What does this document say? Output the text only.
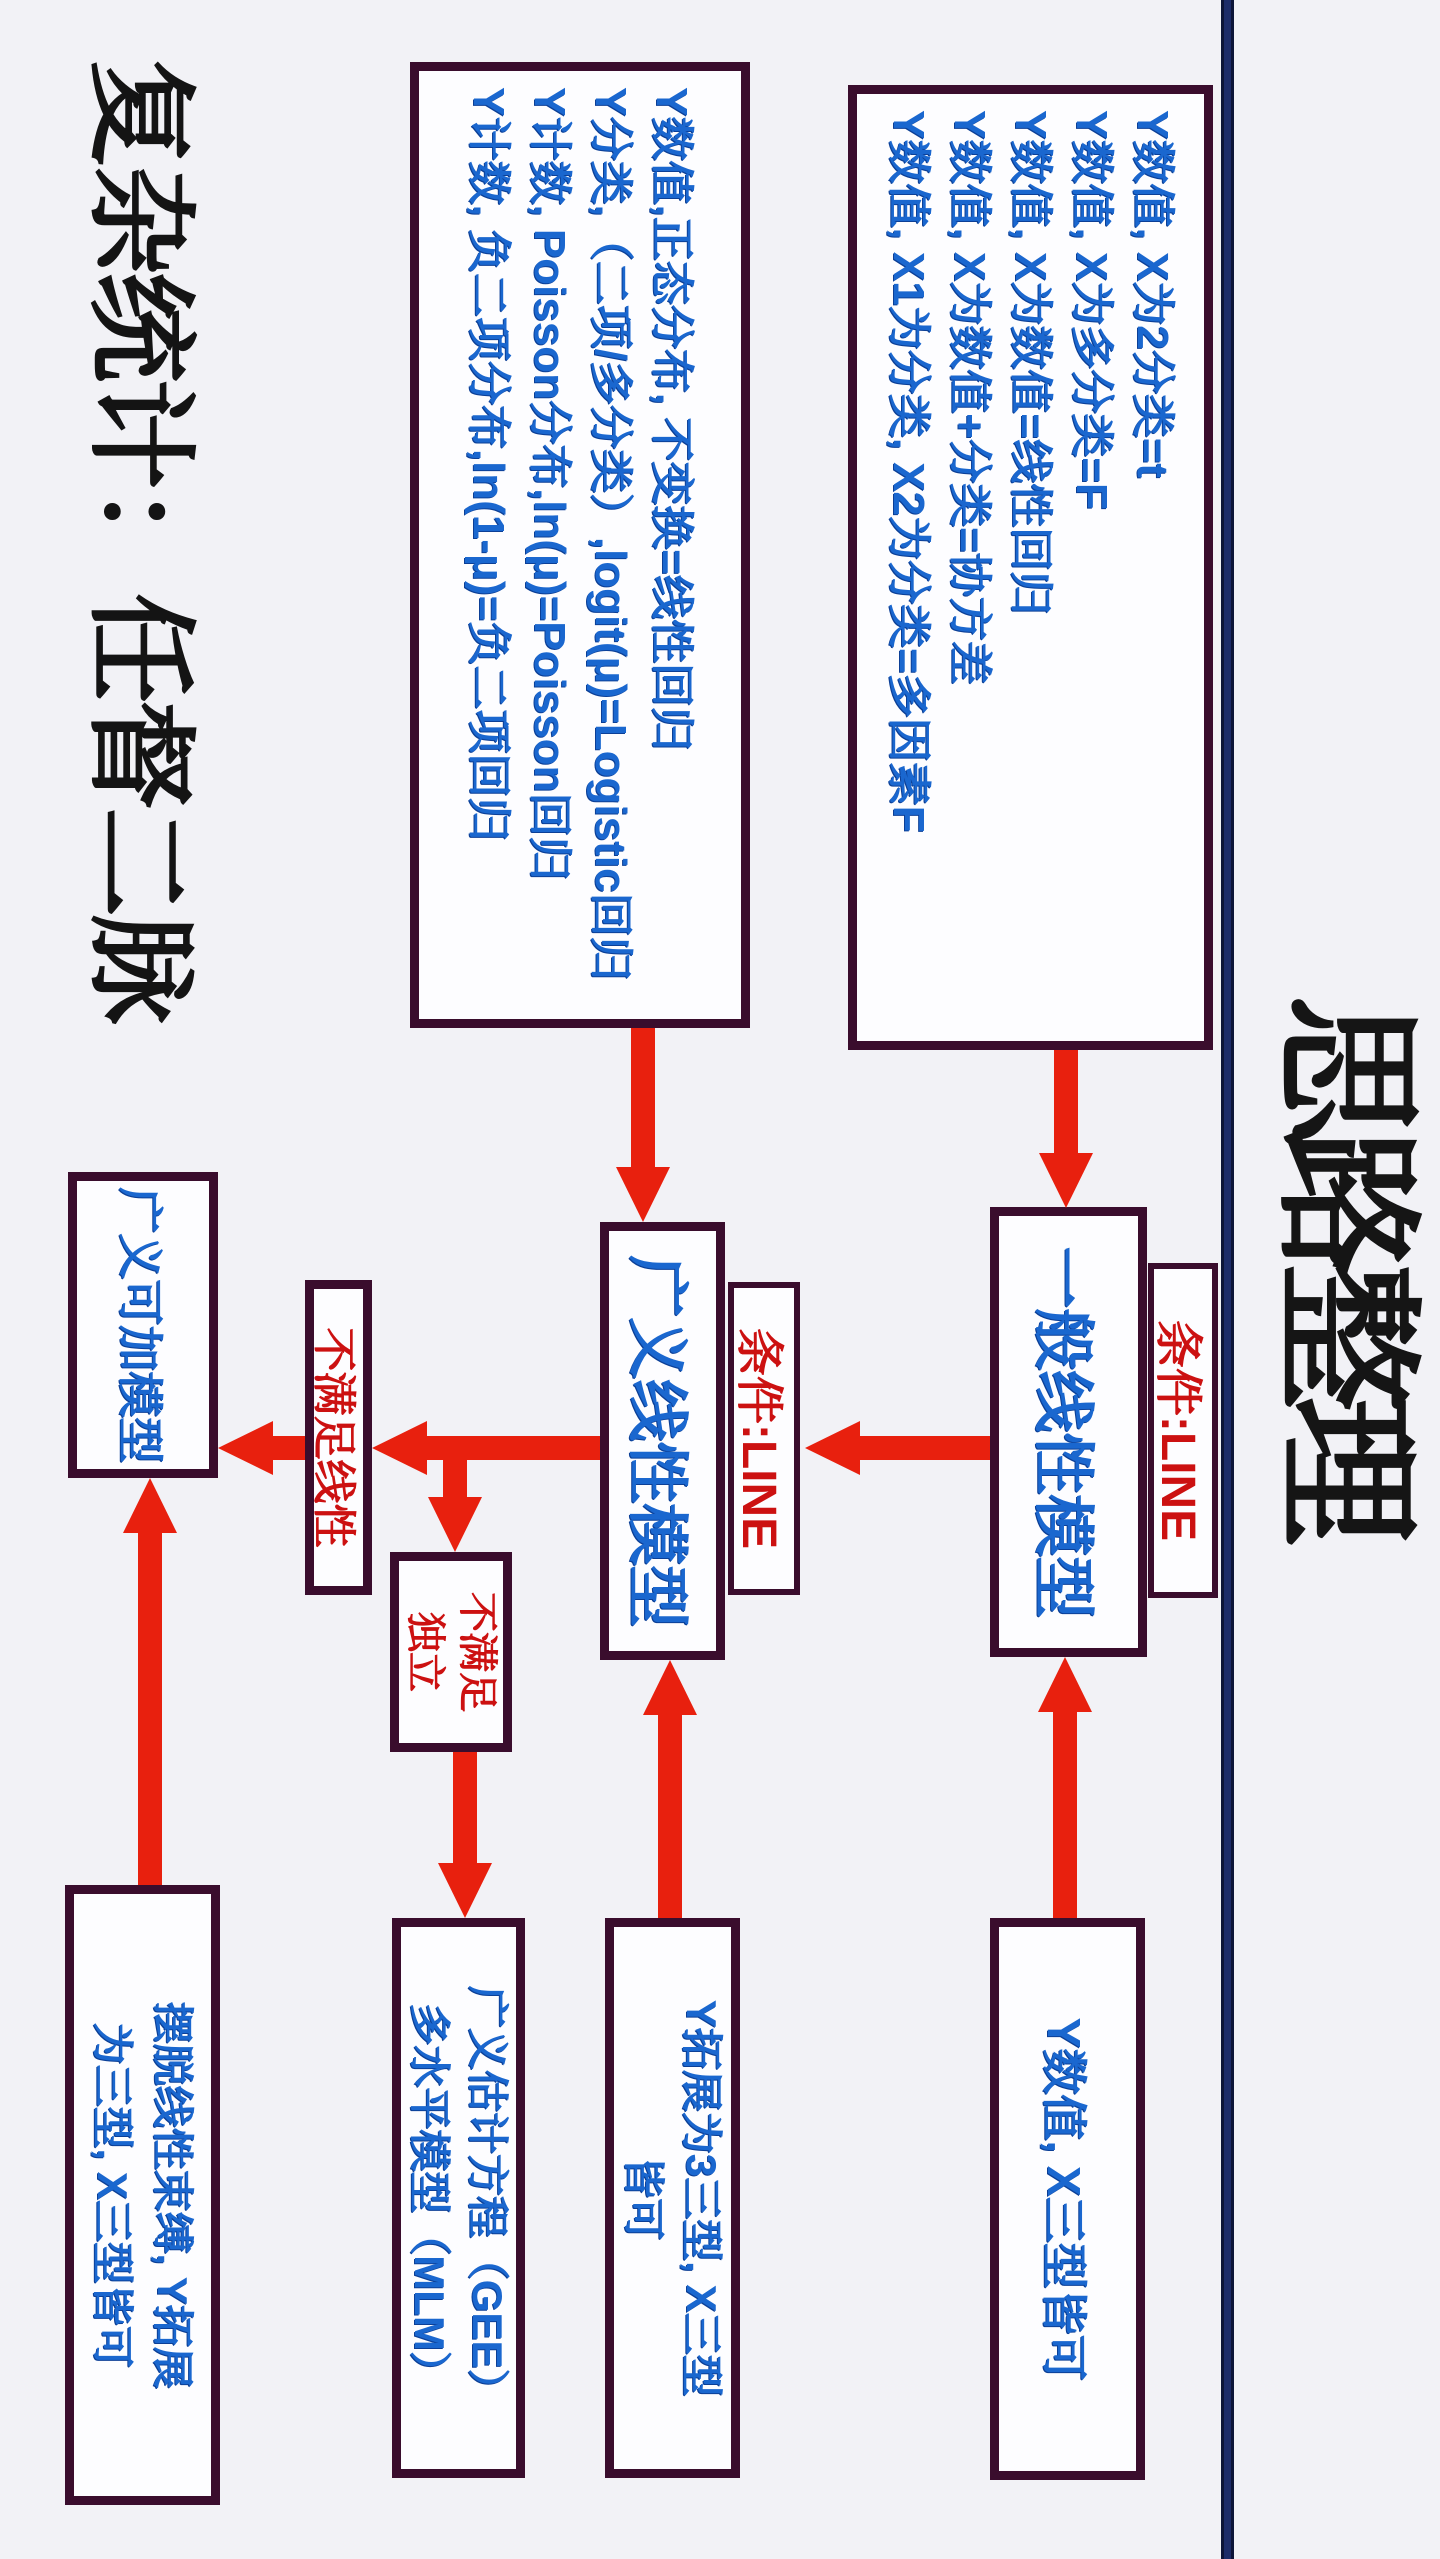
思路整理
复杂统计：任督二脉	Y数值, X为2分类=t
Y数值, X为多分类=F
Y数值, X为数值=线性回归
Y数值, X为数值+分类=协方差
Y数值, X1为分类, X2为分类=多因素F
Y数值,正态分布, 不变换=线性回归
Y分类,（二项/多分类）,logit(μ)=Logistic回归
Y计数, Poisson分布,ln(μ)=Poisson回归
Y计数, 负二项分布,ln(1-μ)=负二项回归
条件:LINE
一般线性模型
Y数值, X三型皆可
条件:LINE
广义线性模型
Y拓展为3三型, X三型
皆可
不满足
独立
广义估计方程（GEE）
多水平模型（MLM）
不满足线性
广义可加模型
摆脱线性束缚, Y拓展
为三型, X三型皆可
